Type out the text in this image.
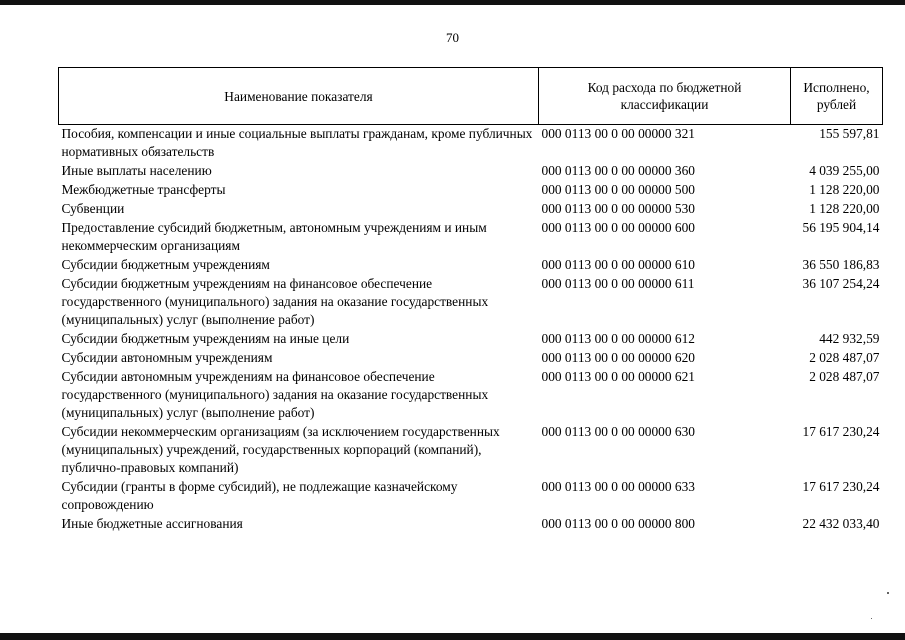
70
Наименование показателя	Код расхода по бюджетной классификации	Исполнено, рублей
Пособия, компенсации и иные социальные выплаты гражданам, кроме публичных нормативных обязательств	000 0113 00 0 00 00000 321	155 597,81
Иные выплаты населению	000 0113 00 0 00 00000 360	4 039 255,00
Межбюджетные трансферты	000 0113 00 0 00 00000 500	1 128 220,00
Субвенции	000 0113 00 0 00 00000 530	1 128 220,00
Предоставление субсидий бюджетным, автономным учреждениям и иным некоммерческим организациям	000 0113 00 0 00 00000 600	56 195 904,14
Субсидии бюджетным учреждениям	000 0113 00 0 00 00000 610	36 550 186,83
Субсидии бюджетным учреждениям на финансовое обеспечение государственного (муниципального) задания на оказание государственных (муниципальных) услуг (выполнение работ)	000 0113 00 0 00 00000 611	36 107 254,24
Субсидии бюджетным учреждениям на иные цели	000 0113 00 0 00 00000 612	442 932,59
Субсидии автономным учреждениям	000 0113 00 0 00 00000 620	2 028 487,07
Субсидии автономным учреждениям на финансовое обеспечение государственного (муниципального) задания на оказание государственных (муниципальных) услуг (выполнение работ)	000 0113 00 0 00 00000 621	2 028 487,07
Субсидии некоммерческим организациям (за исключением государственных (муниципальных) учреждений, государственных корпораций (компаний), публично-правовых компаний)	000 0113 00 0 00 00000 630	17 617 230,24
Субсидии (гранты в форме субсидий), не подлежащие казначейскому сопровождению	000 0113 00 0 00 00000 633	17 617 230,24
Иные бюджетные ассигнования	000 0113 00 0 00 00000 800	22 432 033,40
